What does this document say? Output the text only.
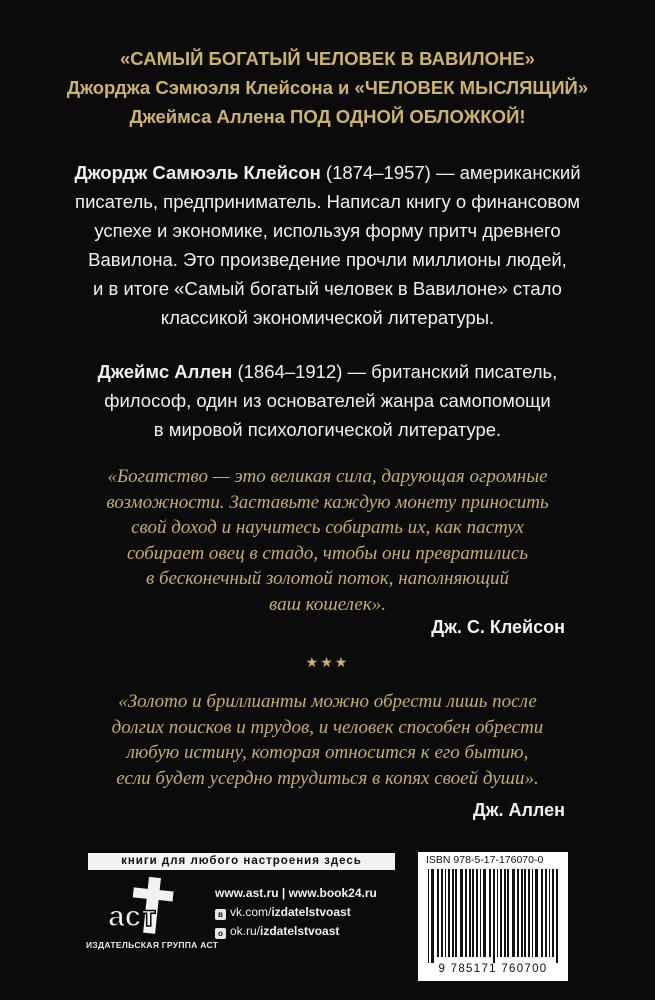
«САМЫЙ БОГАТЫЙ ЧЕЛОВЕК В ВАВИЛОНЕ»
Джорджа Сэмюэля Клейсона и «ЧЕЛОВЕК МЫСЛЯЩИЙ»
Джеймса Аллена ПОД ОДНОЙ ОБЛОЖКОЙ!
Джордж Самюэль Клейсон (1874–1957) — американский
писатель, предприниматель. Написал книгу о финансовом
успехе и экономике, используя форму притч древнего
Вавилона. Это произведение прочли миллионы людей,
и в итоге «Самый богатый человек в Вавилоне» стало
классикой экономической литературы.
Джеймс Аллен (1864–1912) — британский писатель,
философ, один из основателей жанра самопомощи
в мировой психологической литературе.
«Богатство — это великая сила, дарующая огромные
возможности. Заставьте каждую монету приносить
свой доход и научитесь собирать их, как пастух
собирает овец в стадо, чтобы они превратились
в бесконечный золотой поток, наполняющий
ваш кошелек».
Дж. С. Клейсон
★★★
«Золото и бриллианты можно обрести лишь после
долгих поисков и трудов, и человек способен обрести
любую истину, которая относится к его бытию,
если будет усердно трудиться в копях своей души».
Дж. Аллен
книги для любого настроения здесь
аст
ИЗДАТЕЛЬСКАЯ ГРУППА АСТ
www.ast.ru | www.book24.ru
в vk.com/izdatelstvoast
о ok.ru/izdatelstvoast
ISBN 978-5-17-176070-0
9 785171 760700
